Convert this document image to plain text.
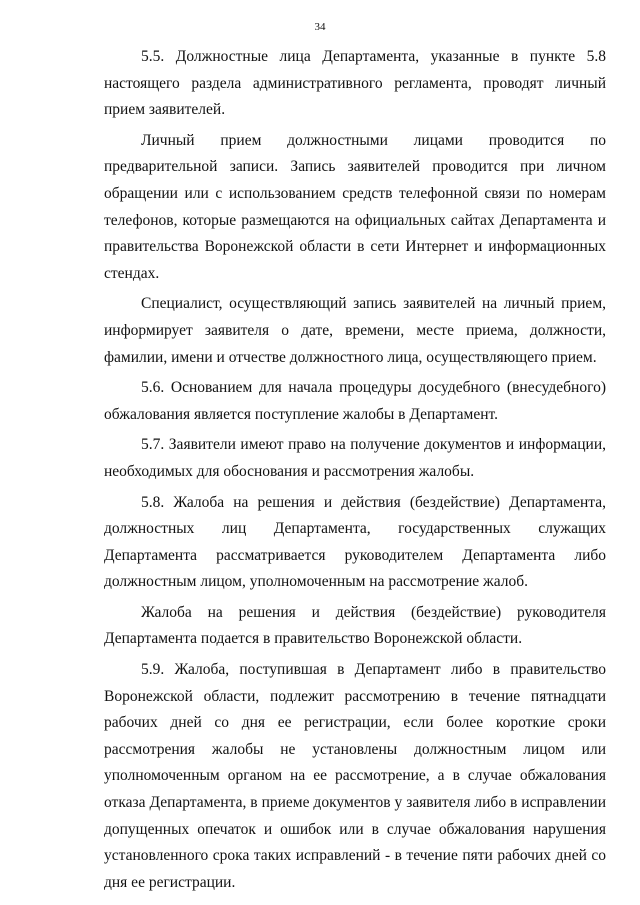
34

5.5. Должностные лица Департамента, указанные в пункте 5.8 настоящего раздела административного регламента, проводят личный прием заявителей.

Личный прием должностными лицами проводится по предварительной записи. Запись заявителей проводится при личном обращении или с использованием средств телефонной связи по номерам телефонов, которые размещаются на официальных сайтах Департамента и правительства Воронежской области в сети Интернет и информационных стендах.

Специалист, осуществляющий запись заявителей на личный прием, информирует заявителя о дате, времени, месте приема, должности, фамилии, имени и отчестве должностного лица, осуществляющего прием.

5.6. Основанием для начала процедуры досудебного (внесудебного) обжалования является поступление жалобы в Департамент.

5.7. Заявители имеют право на получение документов и информации, необходимых для обоснования и рассмотрения жалобы.

5.8. Жалоба на решения и действия (бездействие) Департамента, должностных лиц Департамента, государственных служащих Департамента рассматривается руководителем Департамента либо должностным лицом, уполномоченным на рассмотрение жалоб.

Жалоба на решения и действия (бездействие) руководителя Департамента подается в правительство Воронежской области.

5.9. Жалоба, поступившая в Департамент либо в правительство Воронежской области, подлежит рассмотрению в течение пятнадцати рабочих дней со дня ее регистрации, если более короткие сроки рассмотрения жалобы не установлены должностным лицом или уполномоченным органом на ее рассмотрение, а в случае обжалования отказа Департамента, в приеме документов у заявителя либо в исправлении допущенных опечаток и ошибок или в случае обжалования нарушения установленного срока таких исправлений - в течение пяти рабочих дней со дня ее регистрации.
